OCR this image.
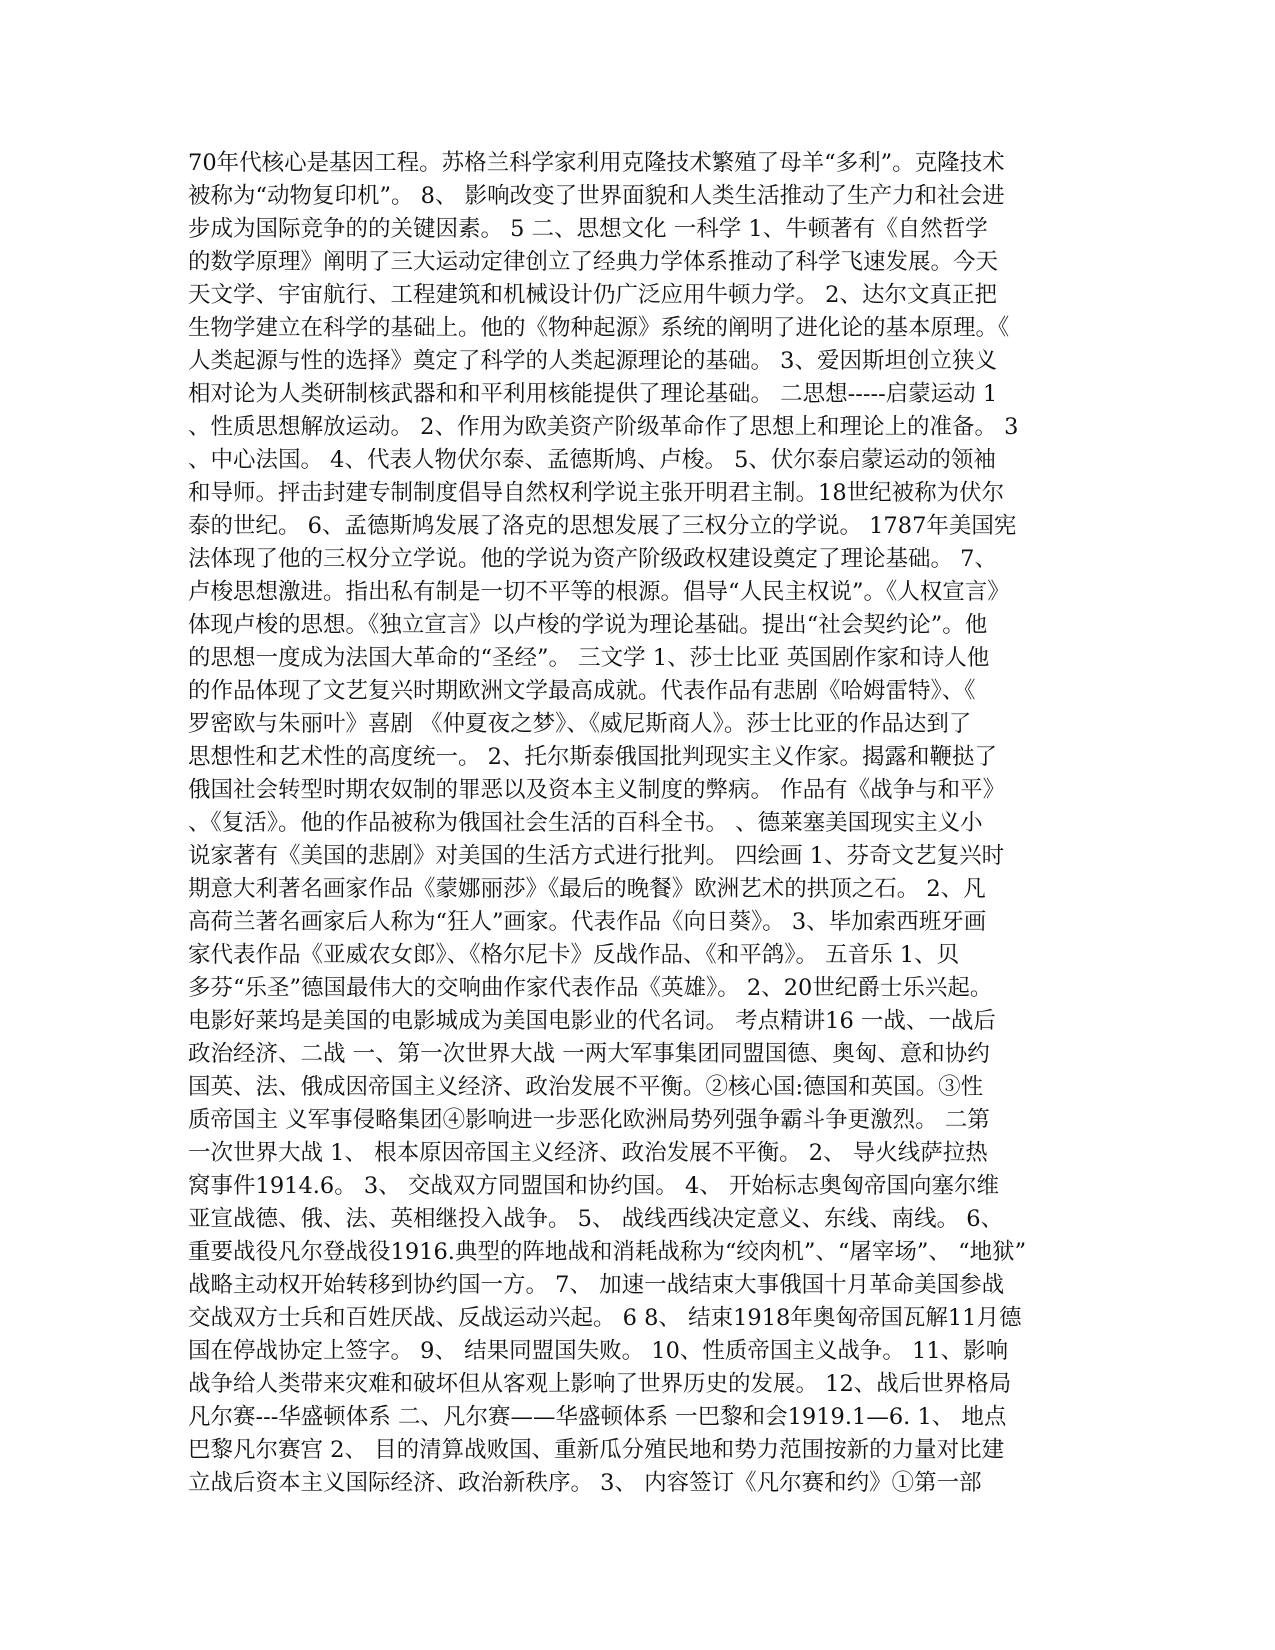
70年代核心是基因工程。苏格兰科学家利用克隆技术繁殖了母羊“多利”。克隆技术
被称为“动物复印机”。 8、 影响改变了世界面貌和人类生活推动了生产力和社会进
步成为国际竞争的的关键因素。 5 二、思想文化 一科学 1、牛顿著有《自然哲学
的数学原理》阐明了三大运动定律创立了经典力学体系推动了科学飞速发展。今天
天文学、宇宙航行、工程建筑和机械设计仍广泛应用牛顿力学。 2、达尔文真正把
生物学建立在科学的基础上。他的《物种起源》系统的阐明了进化论的基本原理。《
人类起源与性的选择》奠定了科学的人类起源理论的基础。 3、爱因斯坦创立狭义
相对论为人类研制核武器和和平利用核能提供了理论基础。 二思想-----启蒙运动 1
、性质思想解放运动。 2、作用为欧美资产阶级革命作了思想上和理论上的准备。 3
、中心法国。 4、代表人物伏尔泰、孟德斯鸠、卢梭。 5、伏尔泰启蒙运动的领袖
和导师。抨击封建专制制度倡导自然权利学说主张开明君主制。18世纪被称为伏尔
泰的世纪。 6、孟德斯鸠发展了洛克的思想发展了三权分立的学说。 1787年美国宪
法体现了他的三权分立学说。他的学说为资产阶级政权建设奠定了理论基础。 7、
卢梭思想激进。指出私有制是一切不平等的根源。倡导“人民主权说”。《人权宣言》
体现卢梭的思想。《独立宣言》以卢梭的学说为理论基础。提出“社会契约论”。他
的思想一度成为法国大革命的“圣经”。 三文学 1、莎士比亚 英国剧作家和诗人他
的作品体现了文艺复兴时期欧洲文学最高成就。代表作品有悲剧《哈姆雷特》、《
罗密欧与朱丽叶》喜剧 《仲夏夜之梦》、《威尼斯商人》。莎士比亚的作品达到了
思想性和艺术性的高度统一。 2、托尔斯泰俄国批判现实主义作家。揭露和鞭挞了
俄国社会转型时期农奴制的罪恶以及资本主义制度的弊病。 作品有《战争与和平》
、《复活》。他的作品被称为俄国社会生活的百科全书。 、德莱塞美国现实主义小
说家著有《美国的悲剧》对美国的生活方式进行批判。 四绘画 1、芬奇文艺复兴时
期意大利著名画家作品《蒙娜丽莎》《最后的晚餐》欧洲艺术的拱顶之石。 2、凡
高荷兰著名画家后人称为“狂人”画家。代表作品《向日葵》。 3、毕加索西班牙画
家代表作品《亚威农女郎》、《格尔尼卡》反战作品、《和平鸽》。 五音乐 1、贝
多芬“乐圣”德国最伟大的交响曲作家代表作品《英雄》。 2、20世纪爵士乐兴起。
电影好莱坞是美国的电影城成为美国电影业的代名词。 考点精讲16 一战、一战后
政治经济、二战 一、第一次世界大战 一两大军事集团同盟国德、奥匈、意和协约
国英、法、俄成因帝国主义经济、政治发展不平衡。②核心国:德国和英国。③性
质帝国主 义军事侵略集团④影响进一步恶化欧洲局势列强争霸斗争更激烈。 二第
一次世界大战 1、 根本原因帝国主义经济、政治发展不平衡。 2、 导火线萨拉热
窝事件1914.6。 3、 交战双方同盟国和协约国。 4、 开始标志奥匈帝国向塞尔维
亚宣战德、俄、法、英相继投入战争。 5、 战线西线决定意义、东线、南线。 6、
重要战役凡尔登战役1916.典型的阵地战和消耗战称为“绞肉机”、“屠宰场”、 “地狱”
战略主动权开始转移到协约国一方。 7、 加速一战结束大事俄国十月革命美国参战
交战双方士兵和百姓厌战、反战运动兴起。 6 8、 结束1918年奥匈帝国瓦解11月德
国在停战协定上签字。 9、 结果同盟国失败。 10、性质帝国主义战争。 11、影响
战争给人类带来灾难和破坏但从客观上影响了世界历史的发展。 12、战后世界格局
凡尔赛---华盛顿体系 二、凡尔赛——华盛顿体系 一巴黎和会1919.1—6. 1、 地点
巴黎凡尔赛宫 2、 目的清算战败国、重新瓜分殖民地和势力范围按新的力量对比建
立战后资本主义国际经济、政治新秩序。 3、 内容签订《凡尔赛和约》①第一部
